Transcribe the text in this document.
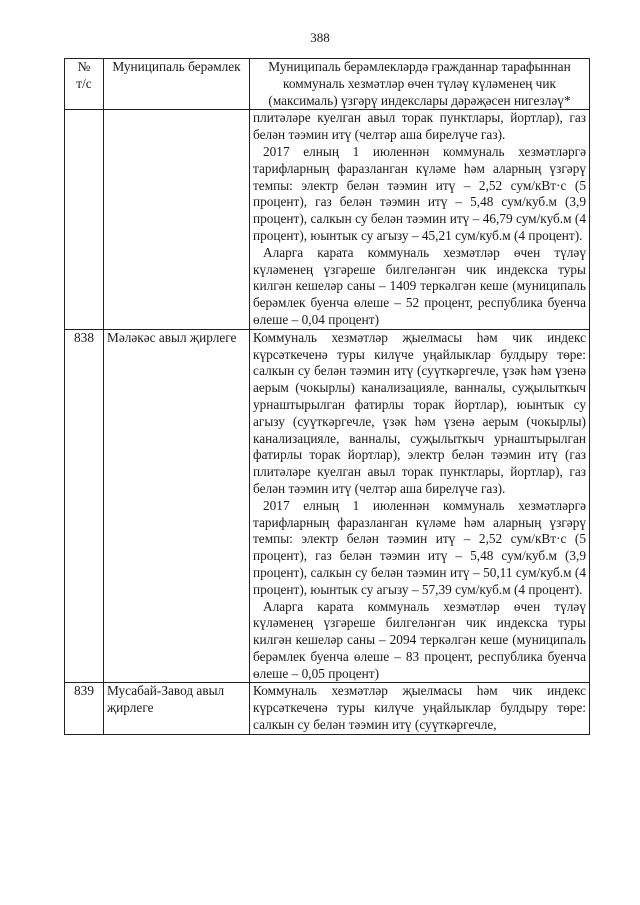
388
№
т/с	Муниципаль берәмлек	Муниципаль берәмлекләрдә гражданнар тарафыннан коммуналь хезмәтләр өчен түләү күләменең чик (максималь) үзгәрү индекслары дәрәҗәсен нигезләү*

		плитәләре куелган авыл торак пунктлары, йортлар), газ белән тәэмин итү (челтәр аша бирелүче газ).

2017 елның 1 июленнән коммуналь хезмәтләргә тарифларның фаразланган күләме һәм аларның үзгәрү темпы: электр белән тәэмин итү – 2,52 сум/кВт·с (5 процент), газ белән тәэмин итү – 5,48 сум/куб.м (3,9 процент), салкын су белән тәэмин итү – 46,79 сум/куб.м (4 процент), юынтык су агызу – 45,21 сум/куб.м (4 процент).

Аларга карата коммуналь хезмәтләр өчен түләү күләменең үзгәреше билгеләнгән чик индекска туры килгән кешеләр саны – 1409 теркәлгән кеше (муниципаль берәмлек буенча өлеше – 52 процент, республика буенча өлеше – 0,04 процент)

838	Мәләкәс авыл җирлеге	Коммуналь хезмәтләр җыелмасы һәм чик индекс күрсәткеченә туры килүче уңайлыклар булдыру төре: салкын су белән тәэмин итү (суүткәргечле, үзәк һәм үзенә аерым (чокырлы) канализацияле, ванналы, суҗылыткыч урнаштырылган фатирлы торак йортлар), юынтык су агызу (суүткәргечле, үзәк һәм үзенә аерым (чокырлы) канализацияле, ванналы, суҗылыткыч урнаштырылган фатирлы торак йортлар), электр белән тәэмин итү (газ плитәләре куелган авыл торак пунктлары, йортлар), газ белән тәэмин итү (челтәр аша бирелүче газ).

2017 елның 1 июленнән коммуналь хезмәтләргә тарифларның фаразланган күләме һәм аларның үзгәрү темпы: электр белән тәэмин итү – 2,52 сум/кВт·с (5 процент), газ белән тәэмин итү – 5,48 сум/куб.м (3,9 процент), салкын су белән тәэмин итү – 50,11 сум/куб.м (4 процент), юынтык су агызу – 57,39 сум/куб.м (4 процент).

Аларга карата коммуналь хезмәтләр өчен түләү күләменең үзгәреше билгеләнгән чик индекска туры килгән кешеләр саны – 2094 теркәлгән кеше (муниципаль берәмлек буенча өлеше – 83 процент, республика буенча өлеше – 0,05 процент)

839	Мусабай-Завод авыл җирлеге	Коммуналь хезмәтләр җыелмасы һәм чик индекс күрсәткеченә туры килүче уңайлыклар булдыру төре: салкын су белән тәэмин итү (суүткәргечле,
